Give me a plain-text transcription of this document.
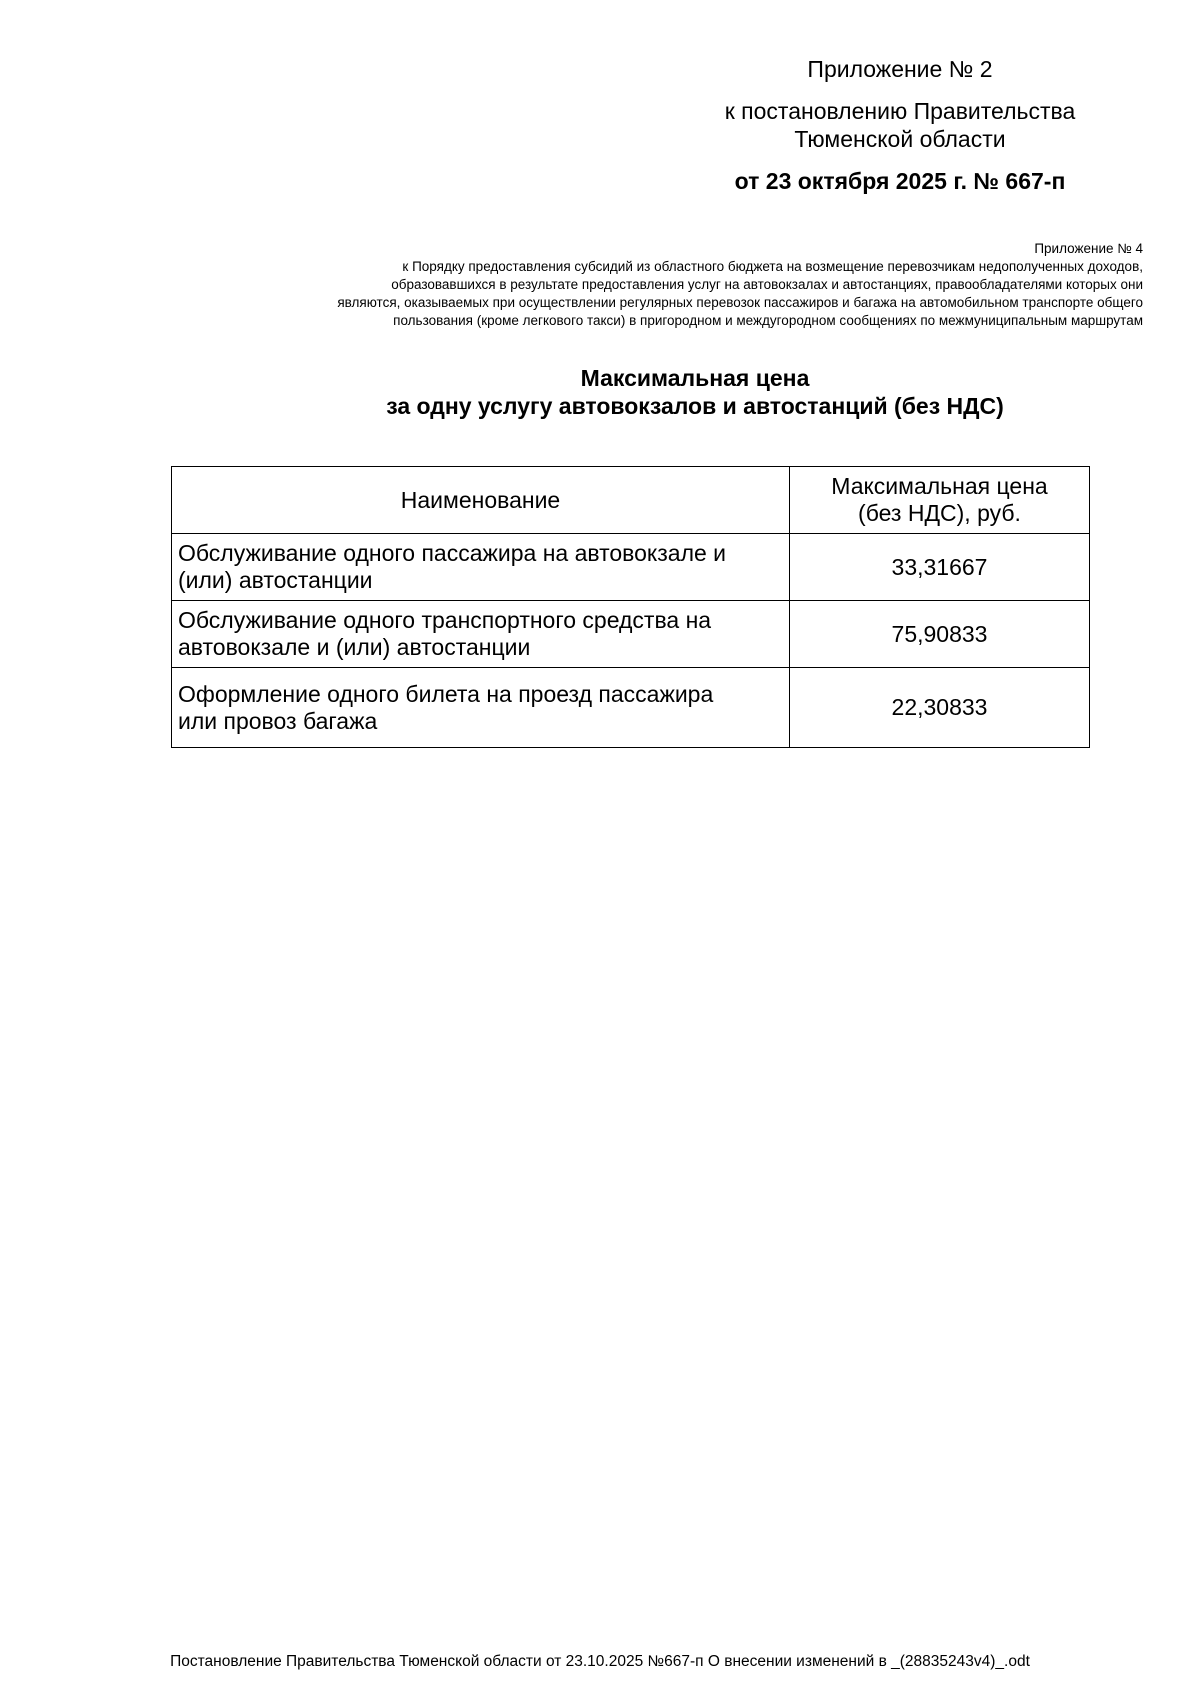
Приложение № 2
к постановлению Правительства
Тюменской области
от 23 октября 2025 г. № 667-п
Приложение № 4
к Порядку предоставления субсидий из областного бюджета на возмещение перевозчикам недополученных доходов,
образовавшихся в результате предоставления услуг на автовокзалах и автостанциях, правообладателями которых они
являются, оказываемых при осуществлении регулярных перевозок пассажиров и багажа на автомобильном транспорте общего
пользования (кроме легкового такси) в пригородном и междугородном сообщениях по межмуниципальным маршрутам
Максимальная цена
за одну услугу автовокзалов и автостанций (без НДС)
Наименование	Максимальная цена
(без НДС), руб.

Обслуживание одного пассажира на автовокзале и
(или) автостанции	33,31667

Обслуживание одного транспортного средства на
автовокзале и (или) автостанции	75,90833

Оформление одного билета на проезд пассажира
или провоз багажа	22,30833
Постановление Правительства Тюменской области от 23.10.2025 №667-п О внесении изменений в _(28835243v4)_.odt
